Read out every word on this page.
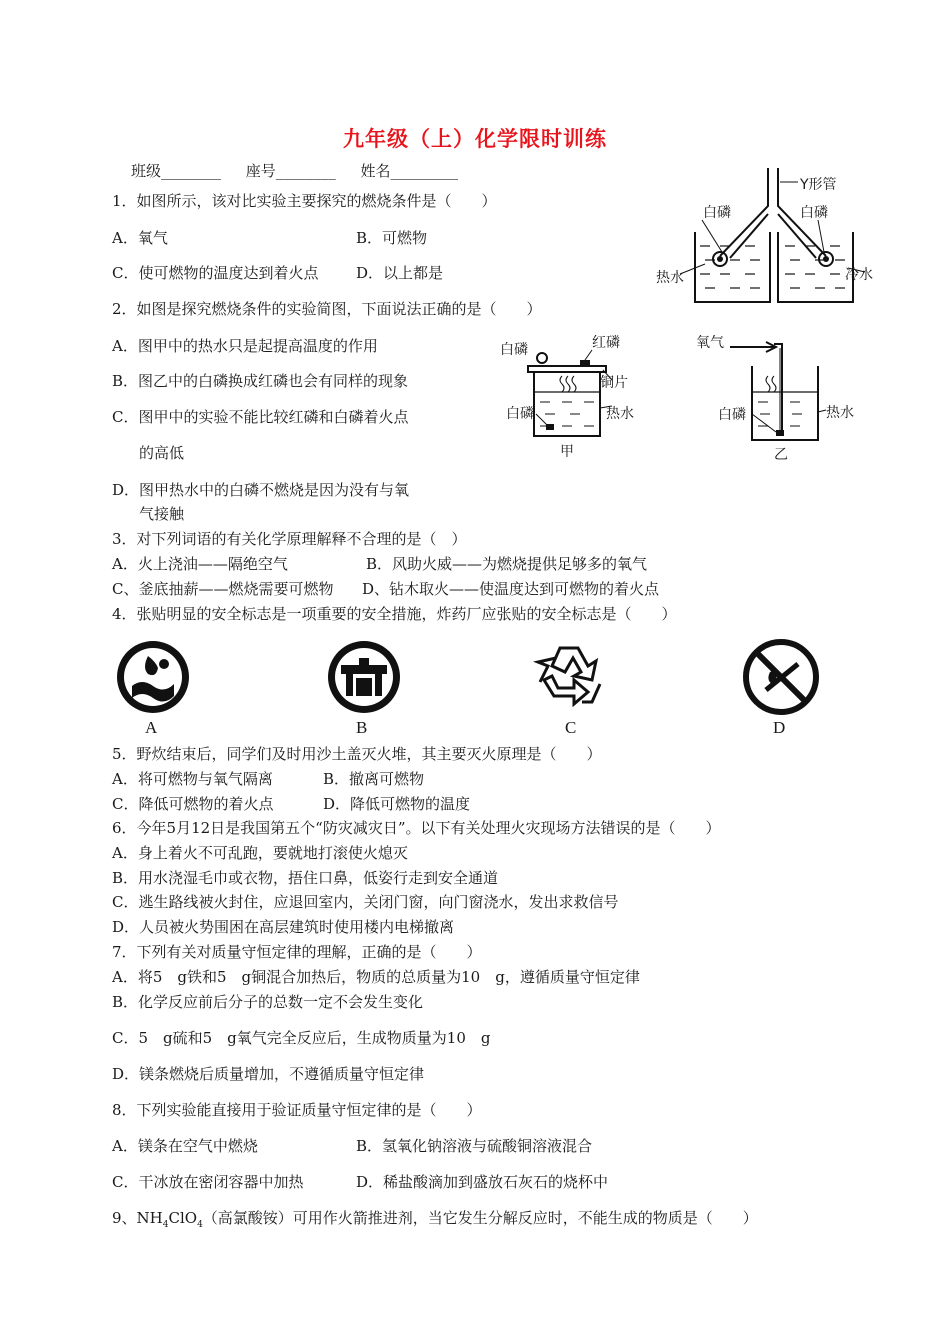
九年级（上）化学限时训练
班级________ 座号________ 姓名_________
1．如图所示，该对比实验主要探究的燃烧条件是（　　）
A．氧气	B．可燃物
C．使可燃物的温度达到着火点	D．以上都是
2．如图是探究燃烧条件的实验简图，下面说法正确的是（　　）
A．图甲中的热水只是起提高温度的作用
B．图乙中的白磷换成红磷也会有同样的现象
C．图甲中的实验不能比较红磷和白磷着火点
的高低
D．图甲热水中的白磷不燃烧是因为没有与氧
气接触
3．对下列词语的有关化学原理解释不合理的是（　）
A．火上浇油——隔绝空气	B．风助火威——为燃烧提供足够多的氧气
C、釜底抽薪——燃烧需要可燃物 D、钻木取火——使温度达到可燃物的着火点
4．张贴明显的安全标志是一项重要的安全措施，炸药厂应张贴的安全标志是（　　）
A	B	C	D
5．野炊结束后，同学们及时用沙土盖灭火堆，其主要灭火原理是（　　）
A．将可燃物与氧气隔离	B．撤离可燃物
C．降低可燃物的着火点	D．降低可燃物的温度
6．今年5月12日是我国第五个“防灾减灾日”。以下有关处理火灾现场方法错误的是（　　）
A．身上着火不可乱跑，要就地打滚使火熄灭
B．用水浇湿毛巾或衣物，捂住口鼻，低姿行走到安全通道
C．逃生路线被火封住，应退回室内，关闭门窗，向门窗浇水，发出求救信号
D．人员被火势围困在高层建筑时使用楼内电梯撤离
7．下列有关对质量守恒定律的理解，正确的是（　　）
A．将5　g铁和5　g铜混合加热后，物质的总质量为10　g，遵循质量守恒定律
B．化学反应前后分子的总数一定不会发生变化
C．5　g硫和5　g氧气完全反应后，生成物质量为10　g
D．镁条燃烧后质量增加，不遵循质量守恒定律
8．下列实验能直接用于验证质量守恒定律的是（　　）
A．镁条在空气中燃烧	B．氢氧化钠溶液与硫酸铜溶液混合
C．干冰放在密闭容器中加热	D．稀盐酸滴加到盛放石灰石的烧杯中
9、$NH_4ClO_4$（高氯酸铵）可用作火箭推进剂，当它发生分解反应时，不能生成的物质是（　　）
Y形管
白磷	白磷
热水	冷水
白磷	红磷
铜片
白磷	热水
甲
氧气
白磷	热水
乙
